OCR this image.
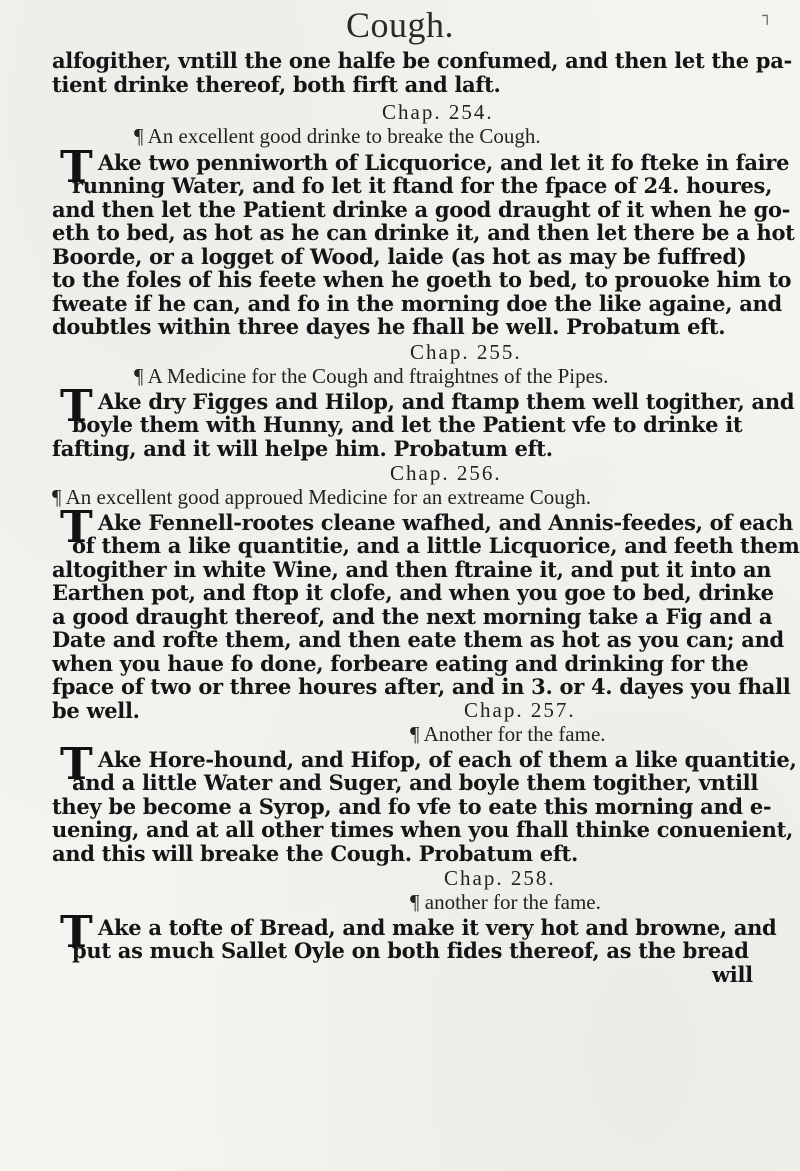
Cough.	┐
alfogither, vntill the one halfe be confumed, and then let the pa-
tient drinke thereof, both firft and laft.
Chap. 254.
¶ An excellent good drinke to breake the Cough.
Ake two penniworth of Licquorice, and let it fo fteke in faire
running Water, and fo let it ftand for the fpace of 24. houres,
and then let the Patient drinke a good draught of it when he go-
eth to bed, as hot as he can drinke it, and then let there be a hot
Boorde, or a logget of Wood, laide (as hot as may be fuffred)
to the foles of his feete when he goeth to bed, to prouoke him to
fweate if he can, and fo in the morning doe the like againe, and
doubtles within three dayes he fhall be well. Probatum eft.
Chap. 255.
¶ A Medicine for the Cough and ftraightnes of the Pipes.
Ake dry Figges and Hilop, and ftamp them well togither, and
boyle them with Hunny, and let the Patient vfe to drinke it
fafting, and it will helpe him. Probatum eft.
Chap. 256.
¶ An excellent good approued Medicine for an extreame Cough.
Ake Fennell-rootes cleane wafhed, and Annis-feedes, of each
of them a like quantitie, and a little Licquorice, and feeth them
altogither in white Wine, and then ftraine it, and put it into an
Earthen pot, and ftop it clofe, and when you goe to bed, drinke
a good draught thereof, and the next morning take a Fig and a
Date and rofte them, and then eate them as hot as you can; and
when you haue fo done, forbeare eating and drinking for the
fpace of two or three houres after, and in 3. or 4. dayes you fhall
be well.	Chap. 257.
¶ Another for the fame.
Ake Hore-hound, and Hifop, of each of them a like quantitie,
and a little Water and Suger, and boyle them togither, vntill
they be become a Syrop, and fo vfe to eate this morning and e-
uening, and at all other times when you fhall thinke conuenient,
and this will breake the Cough. Probatum eft.
Chap. 258.
¶ another for the fame.
Ake a tofte of Bread, and make it very hot and browne, and
put as much Sallet Oyle on both fides thereof, as the bread
will
T
T
T
T
T
